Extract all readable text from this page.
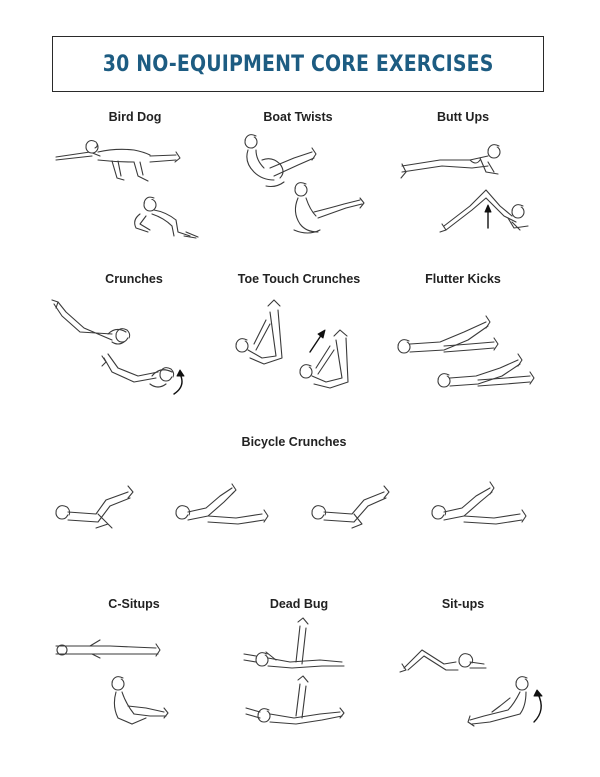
30 NO-EQUIPMENT CORE EXERCISES
Bird Dog	Boat Twists	Butt Ups
Crunches	Toe Touch Crunches	Flutter Kicks
Bicycle Crunches
C-Situps	Dead Bug	Sit-ups
